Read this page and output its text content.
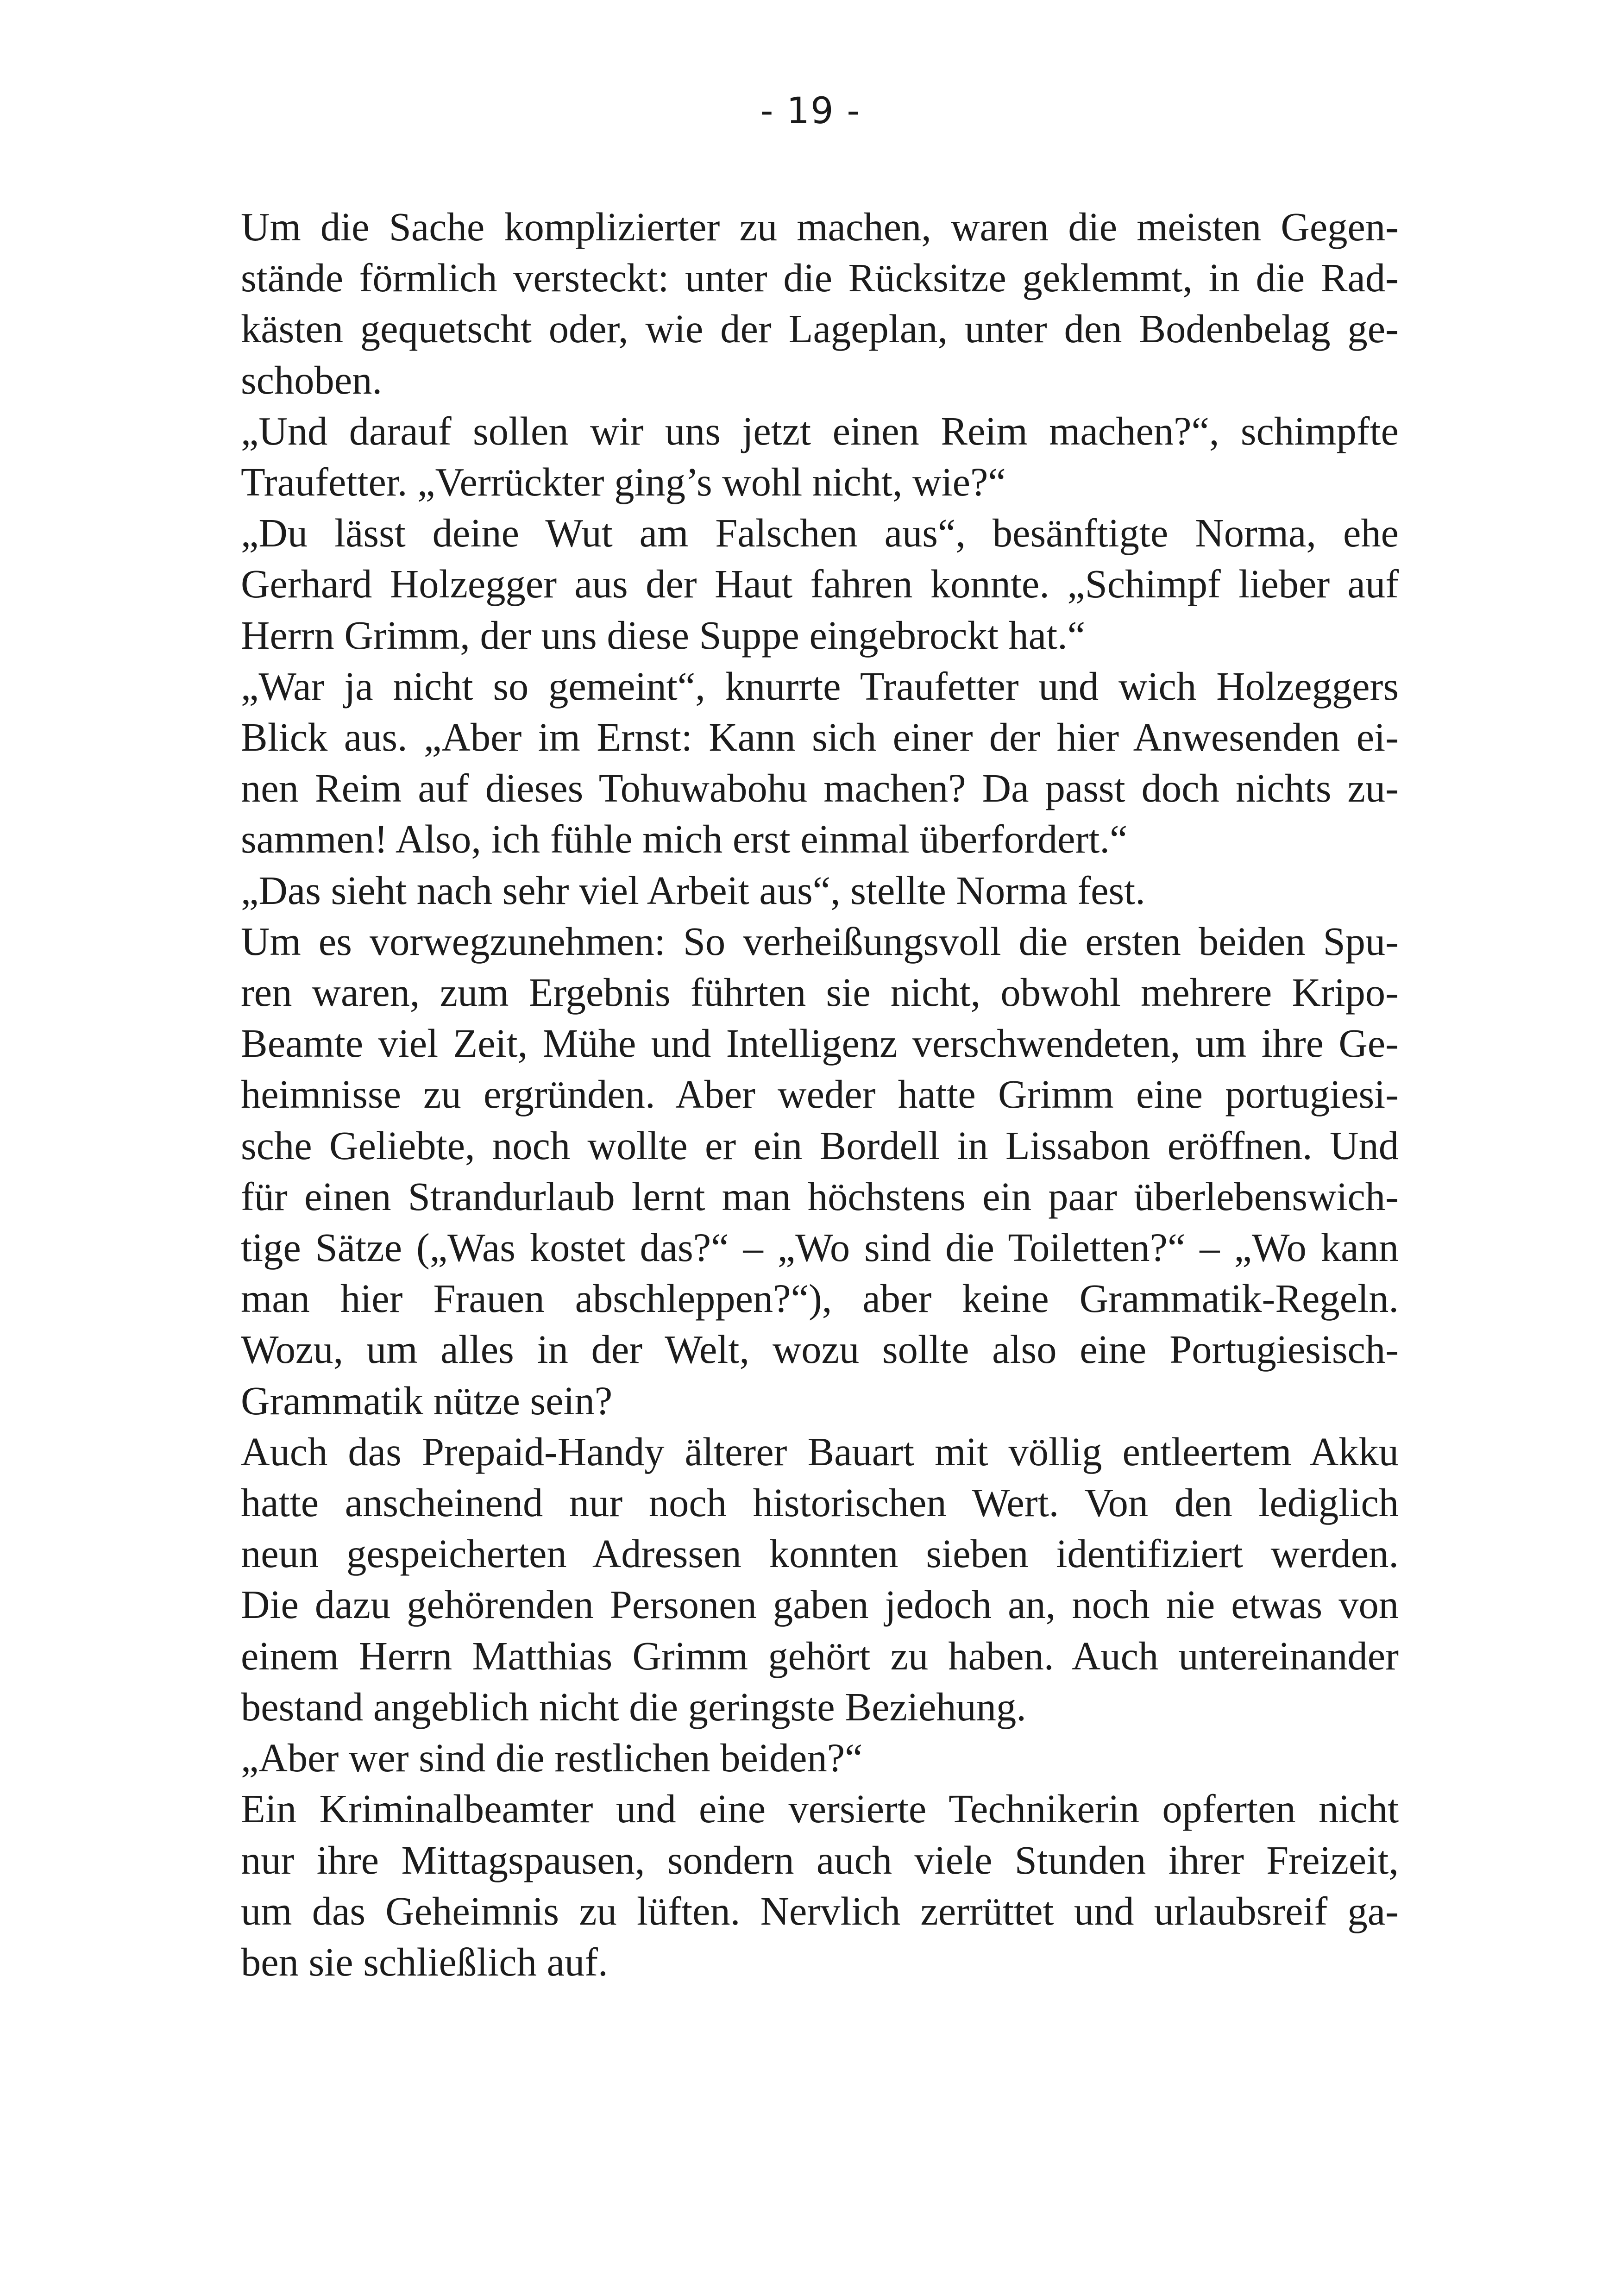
- 19 -

Um die Sache komplizierter zu machen, waren die meisten Gegen-
stände förmlich versteckt: unter die Rücksitze geklemmt, in die Rad-
kästen gequetscht oder, wie der Lageplan, unter den Bodenbelag ge-
schoben.

„Und darauf sollen wir uns jetzt einen Reim machen?“, schimpfte
Traufetter. „Verrückter ging’s wohl nicht, wie?“

„Du lässt deine Wut am Falschen aus“, besänftigte Norma, ehe
Gerhard Holzegger aus der Haut fahren konnte. „Schimpf lieber auf
Herrn Grimm, der uns diese Suppe eingebrockt hat.“

„War ja nicht so gemeint“, knurrte Traufetter und wich Holzeggers
Blick aus. „Aber im Ernst: Kann sich einer der hier Anwesenden ei-
nen Reim auf dieses Tohuwabohu machen? Da passt doch nichts zu-
sammen! Also, ich fühle mich erst einmal überfordert.“

„Das sieht nach sehr viel Arbeit aus“, stellte Norma fest.

Um es vorwegzunehmen: So verheißungsvoll die ersten beiden Spu-
ren waren, zum Ergebnis führten sie nicht, obwohl mehrere Kripo-
Beamte viel Zeit, Mühe und Intelligenz verschwendeten, um ihre Ge-
heimnisse zu ergründen. Aber weder hatte Grimm eine portugiesi-
sche Geliebte, noch wollte er ein Bordell in Lissabon eröffnen. Und
für einen Strandurlaub lernt man höchstens ein paar überlebenswich-
tige Sätze („Was kostet das?“ – „Wo sind die Toiletten?“ – „Wo kann
man hier Frauen abschleppen?“), aber keine Grammatik-Regeln.
Wozu, um alles in der Welt, wozu sollte also eine Portugiesisch-
Grammatik nütze sein?

Auch das Prepaid-Handy älterer Bauart mit völlig entleertem Akku
hatte anscheinend nur noch historischen Wert. Von den lediglich
neun gespeicherten Adressen konnten sieben identifiziert werden.
Die dazu gehörenden Personen gaben jedoch an, noch nie etwas von
einem Herrn Matthias Grimm gehört zu haben. Auch untereinander
bestand angeblich nicht die geringste Beziehung.

„Aber wer sind die restlichen beiden?“

Ein Kriminalbeamter und eine versierte Technikerin opferten nicht
nur ihre Mittagspausen, sondern auch viele Stunden ihrer Freizeit,
um das Geheimnis zu lüften. Nervlich zerrüttet und urlaubsreif ga-
ben sie schließlich auf.
